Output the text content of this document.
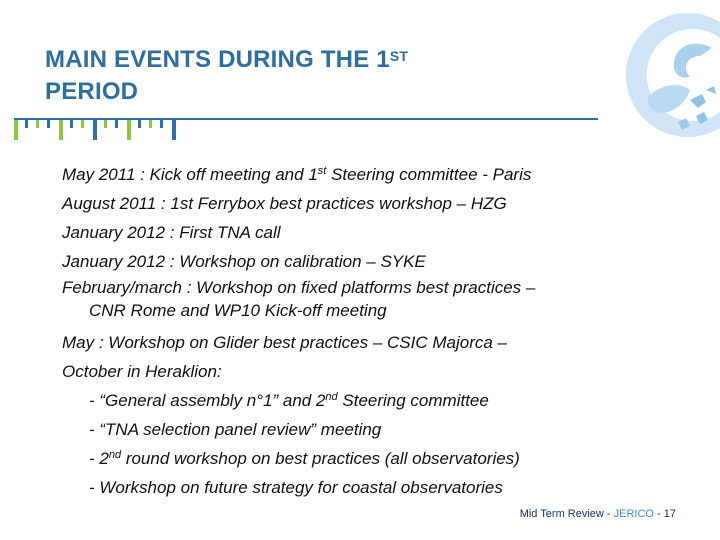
MAIN EVENTS DURING THE 1ST
PERIOD
May 2011 : Kick off meeting and 1st Steering committee - Paris
August 2011 : 1st Ferrybox best practices workshop – HZG
January 2012 : First TNA call
January 2012 : Workshop on calibration – SYKE
February/march : Workshop on fixed platforms best practices –
CNR Rome and WP10 Kick-off meeting
May : Workshop on Glider best practices – CSIC Majorca –
October in Heraklion:
- “General assembly n°1” and 2nd Steering committee
- “TNA selection panel review” meeting
- 2nd round workshop on best practices (all observatories)
- Workshop on future strategy for coastal observatories
Mid Term Review - JERICO - 17
